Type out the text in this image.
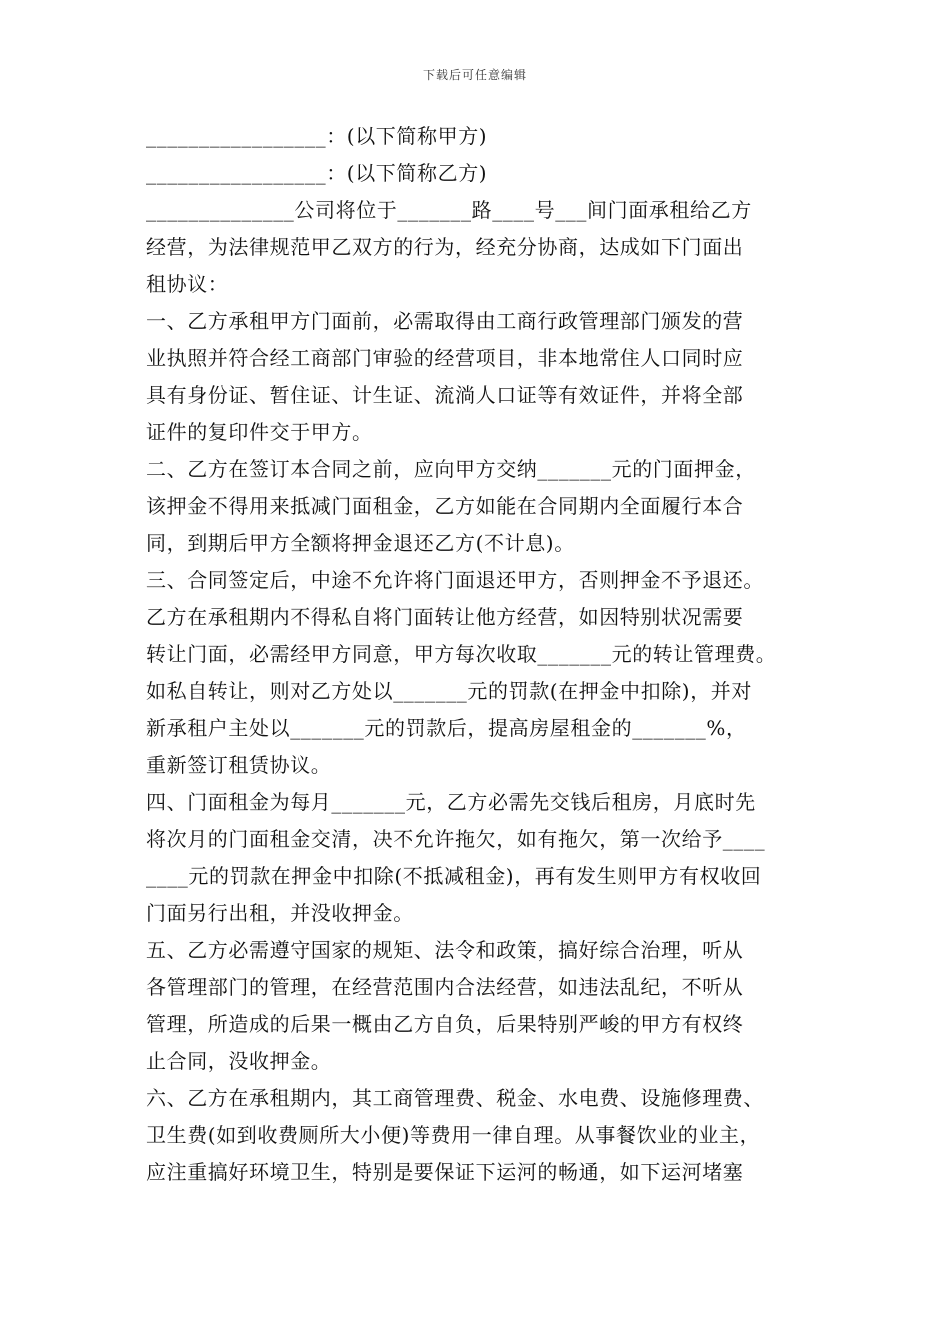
下载后可任意编辑
_________________：(以下简称甲方)
_________________：(以下简称乙方)
______________公司将位于_______路____号___间门面承租给乙方
经营，为法律规范甲乙双方的行为，经充分协商，达成如下门面出
租协议：
一、乙方承租甲方门面前，必需取得由工商行政管理部门颁发的营
业执照并符合经工商部门审验的经营项目，非本地常住人口同时应
具有身份证、暂住证、计生证、流淌人口证等有效证件，并将全部
证件的复印件交于甲方。
二、乙方在签订本合同之前，应向甲方交纳_______元的门面押金，
该押金不得用来抵减门面租金，乙方如能在合同期内全面履行本合
同，到期后甲方全额将押金退还乙方(不计息)。
三、合同签定后，中途不允许将门面退还甲方，否则押金不予退还。
乙方在承租期内不得私自将门面转让他方经营，如因特别状况需要
转让门面，必需经甲方同意，甲方每次收取_______元的转让管理费。
如私自转让，则对乙方处以_______元的罚款(在押金中扣除)，并对
新承租户主处以_______元的罚款后，提高房屋租金的_______%，
重新签订租赁协议。
四、门面租金为每月_______元，乙方必需先交钱后租房，月底时先
将次月的门面租金交清，决不允许拖欠，如有拖欠，第一次给予____
____元的罚款在押金中扣除(不抵减租金)，再有发生则甲方有权收回
门面另行出租，并没收押金。
五、乙方必需遵守国家的规矩、法令和政策，搞好综合治理，听从
各管理部门的管理，在经营范围内合法经营，如违法乱纪，不听从
管理，所造成的后果一概由乙方自负，后果特别严峻的甲方有权终
止合同，没收押金。
六、乙方在承租期内，其工商管理费、税金、水电费、设施修理费、
卫生费(如到收费厕所大小便)等费用一律自理。从事餐饮业的业主，
应注重搞好环境卫生，特别是要保证下运河的畅通，如下运河堵塞
